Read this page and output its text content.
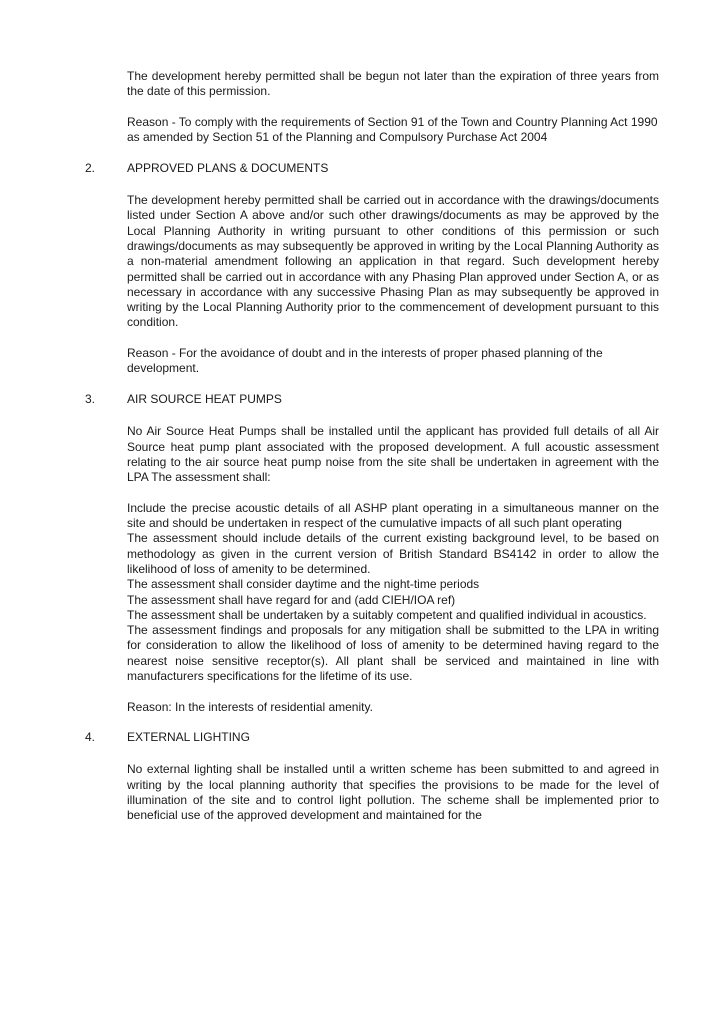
The development hereby permitted shall be begun not later than the expiration of three years from the date of this permission.

Reason - To comply with the requirements of Section 91 of the Town and Country Planning Act 1990 as amended by Section 51 of the Planning and Compulsory Purchase Act 2004

2.	APPROVED PLANS & DOCUMENTS

The development hereby permitted shall be carried out in accordance with the drawings/documents listed under Section A above and/or such other drawings/documents as may be approved by the Local Planning Authority in writing pursuant to other conditions of this permission or such drawings/documents as may subsequently be approved in writing by the Local Planning Authority as a non-material amendment following an application in that regard. Such development hereby permitted shall be carried out in accordance with any Phasing Plan approved under Section A, or as necessary in accordance with any successive Phasing Plan as may subsequently be approved in writing by the Local Planning Authority prior to the commencement of development pursuant to this condition.

Reason - For the avoidance of doubt and in the interests of proper phased planning of the development.

3.	AIR SOURCE HEAT PUMPS

No Air Source Heat Pumps shall be installed until the applicant has provided full details of all Air Source heat pump plant associated with the proposed development. A full acoustic assessment relating to the air source heat pump noise from the site shall be undertaken in agreement with the LPA The assessment shall:

Include the precise acoustic details of all ASHP plant operating in a simultaneous manner on the site and should be undertaken in respect of the cumulative impacts of all such plant operating
The assessment should include details of the current existing background level, to be based on methodology as given in the current version of British Standard BS4142 in order to allow the likelihood of loss of amenity to be determined.
The assessment shall consider daytime and the night-time periods
The assessment shall have regard for and (add CIEH/IOA ref)
The assessment shall be undertaken by a suitably competent and qualified individual in acoustics.
The assessment findings and proposals for any mitigation shall be submitted to the LPA in writing for consideration to allow the likelihood of loss of amenity to be determined having regard to the nearest noise sensitive receptor(s). All plant shall be serviced and maintained in line with manufacturers specifications for the lifetime of its use.

Reason: In the interests of residential amenity.

4.	EXTERNAL LIGHTING

No external lighting shall be installed until a written scheme has been submitted to and agreed in writing by the local planning authority that specifies the provisions to be made for the level of illumination of the site and to control light pollution. The scheme shall be implemented prior to beneficial use of the approved development and maintained for the
